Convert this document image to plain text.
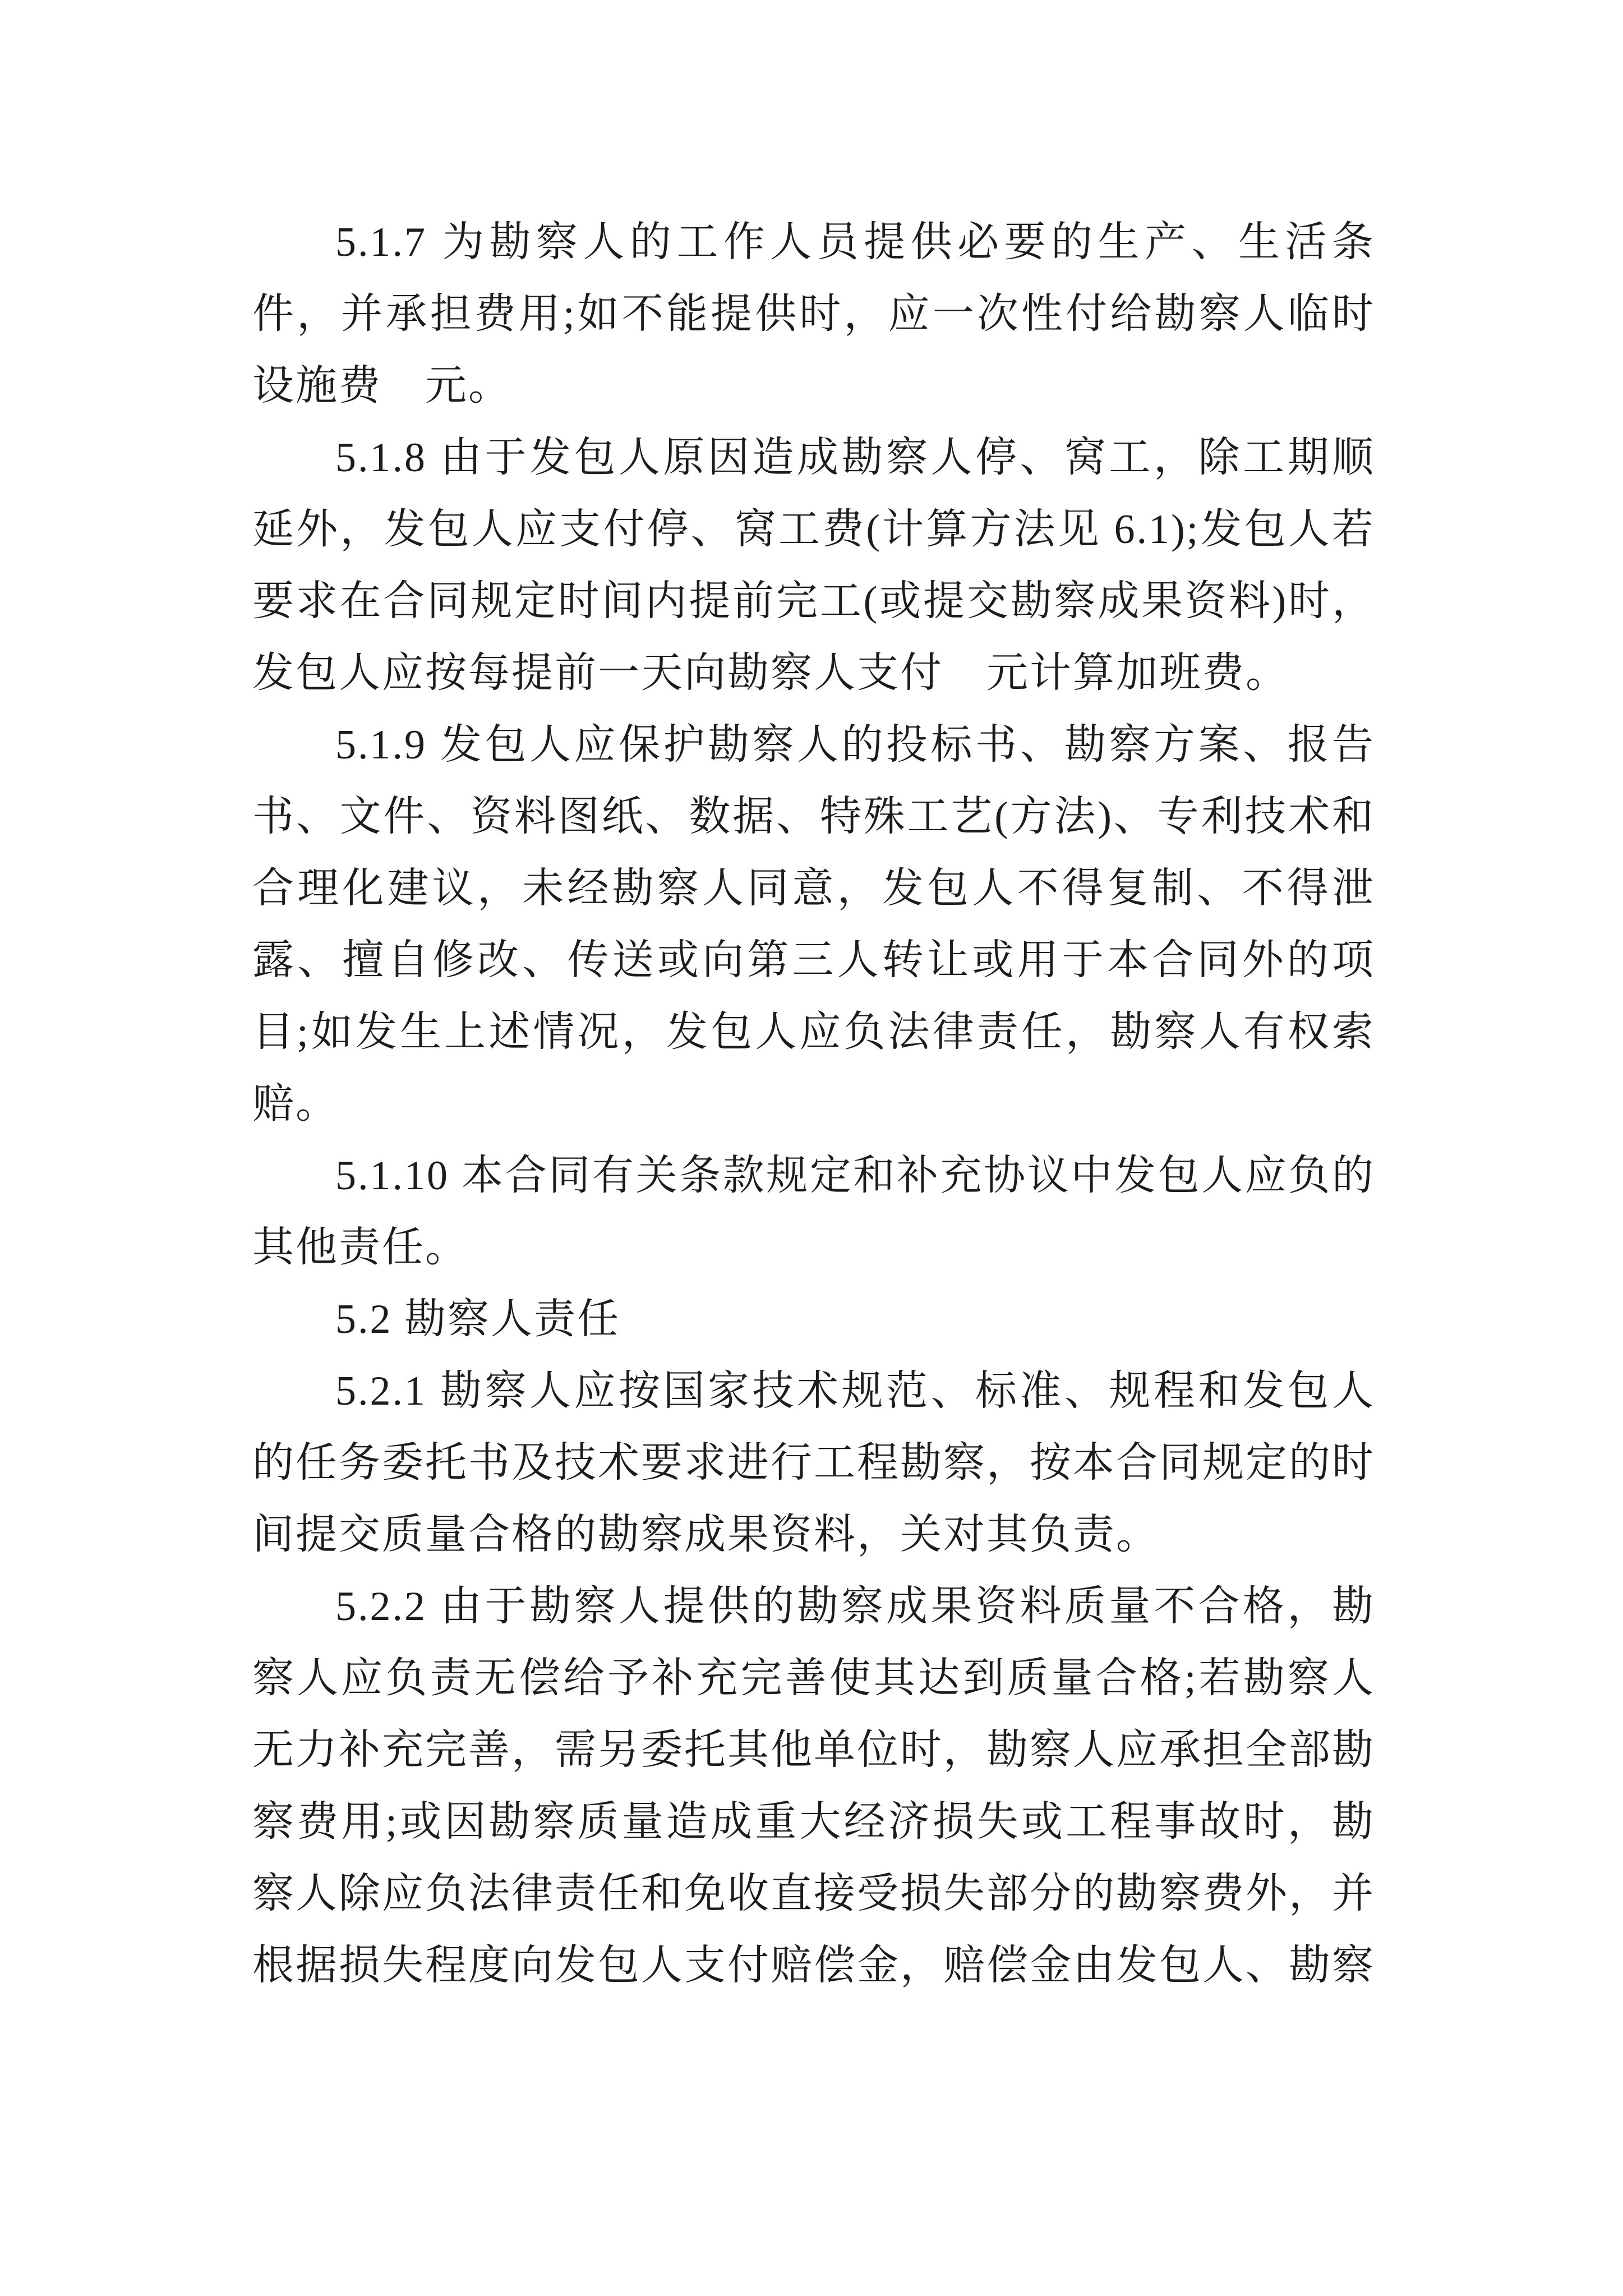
5.1.7 为勘察人的工作人员提供必要的生产、生活条件，并承担费用;如不能提供时，应一次性付给勘察人临时设施费　元。

5.1.8 由于发包人原因造成勘察人停、窝工，除工期顺延外，发包人应支付停、窝工费(计算方法见 6.1);发包人若要求在合同规定时间内提前完工(或提交勘察成果资料)时，发包人应按每提前一天向勘察人支付　元计算加班费。

5.1.9 发包人应保护勘察人的投标书、勘察方案、报告书、文件、资料图纸、数据、特殊工艺(方法)、专利技术和合理化建议，未经勘察人同意，发包人不得复制、不得泄露、擅自修改、传送或向第三人转让或用于本合同外的项目;如发生上述情况，发包人应负法律责任，勘察人有权索赔。

5.1.10 本合同有关条款规定和补充协议中发包人应负的其他责任。

5.2 勘察人责任

5.2.1 勘察人应按国家技术规范、标准、规程和发包人的任务委托书及技术要求进行工程勘察，按本合同规定的时间提交质量合格的勘察成果资料，关对其负责。

5.2.2 由于勘察人提供的勘察成果资料质量不合格，勘察人应负责无偿给予补充完善使其达到质量合格;若勘察人无力补充完善，需另委托其他单位时，勘察人应承担全部勘察费用;或因勘察质量造成重大经济损失或工程事故时，勘察人除应负法律责任和免收直接受损失部分的勘察费外，并根据损失程度向发包人支付赔偿金，赔偿金由发包人、勘察
